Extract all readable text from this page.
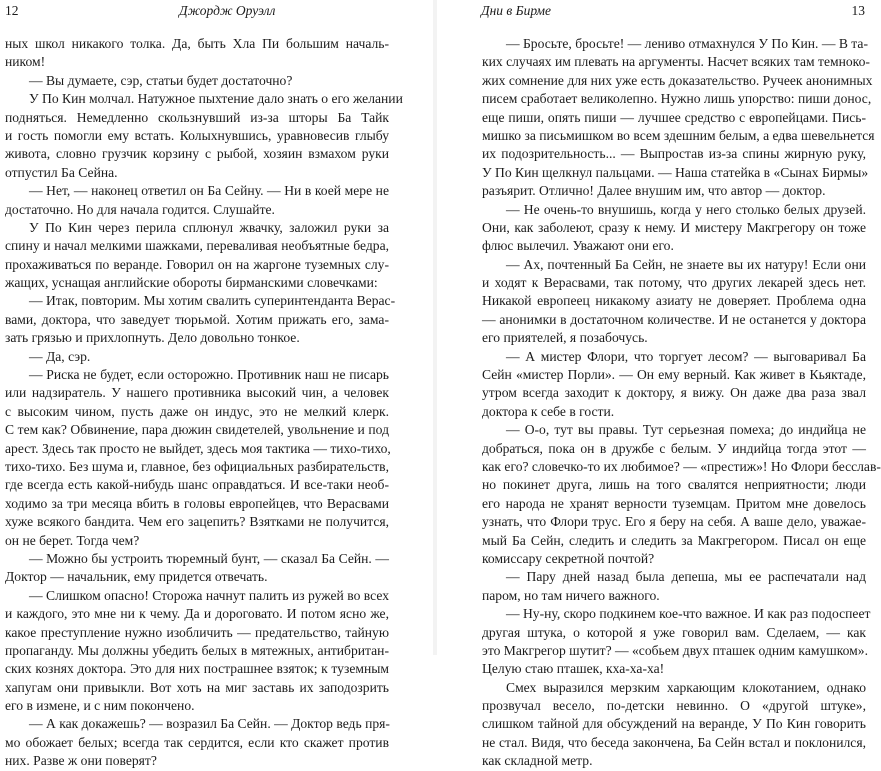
12	Джордж Оруэлл
ных школ никакого толка. Да, быть Хла Пи большим началь-
ником!
— Вы думаете, сэр, статьи будет достаточно?
У По Кин молчал. Натужное пыхтение дало знать о его желании
подняться. Немедленно скользнувший из-за шторы Ба Тайк
и гость помогли ему встать. Колыхнувшись, уравновесив глыбу
живота, словно грузчик корзину с рыбой, хозяин взмахом руки
отпустил Ба Сейна.
— Нет, — наконец ответил он Ба Сейну. — Ни в коей мере не
достаточно. Но для начала годится. Слушайте.
У По Кин через перила сплюнул жвачку, заложил руки за
спину и начал мелкими шажками, переваливая необъятные бедра,
прохаживаться по веранде. Говорил он на жаргоне туземных слу-
жащих, уснащая английские обороты бирманскими словечками:
— Итак, повторим. Мы хотим свалить суперинтенданта Верас-
вами, доктора, что заведует тюрьмой. Хотим прижать его, зама-
зать грязью и прихлопнуть. Дело довольно тонкое.
— Да, сэр.
— Риска не будет, если осторожно. Противник наш не писарь
или надзиратель. У нашего противника высокий чин, а человек
с высоким чином, пусть даже он индус, это не мелкий клерк.
С тем как? Обвинение, пара дюжин свидетелей, увольнение и под
арест. Здесь так просто не выйдет, здесь моя тактика — тихо-тихо,
тихо-тихо. Без шума и, главное, без официальных разбирательств,
где всегда есть какой-нибудь шанс оправдаться. И все-таки необ-
ходимо за три месяца вбить в головы европейцев, что Верасвами
хуже всякого бандита. Чем его зацепить? Взятками не получится,
он не берет. Тогда чем?
— Можно бы устроить тюремный бунт, — сказал Ба Сейн. —
Доктор — начальник, ему придется отвечать.
— Слишком опасно! Сторожа начнут палить из ружей во всех
и каждого, это мне ни к чему. Да и дороговато. И потом ясно же,
какое преступление нужно изобличить — предательство, тайную
пропаганду. Мы должны убедить белых в мятежных, антибритан-
ских кознях доктора. Это для них пострашнее взяток; к туземным
хапугам они привыкли. Вот хоть на миг заставь их заподозрить
его в измене, и с ним покончено.
— А как докажешь? — возразил Ба Сейн. — Доктор ведь пря-
мо обожает белых; всегда так сердится, если кто скажет против
них. Разве ж они поверят?
Дни в Бирме	13
— Бросьте, бросьте! — лениво отмахнулся У По Кин. — В та-
ких случаях им плевать на аргументы. Насчет всяких там темноко-
жих сомнение для них уже есть доказательство. Ручеек анонимных
писем сработает великолепно. Нужно лишь упорство: пиши донос,
еще пиши, опять пиши — лучшее средство с европейцами. Пись-
мишко за письмишком во всем здешним белым, а едва шевельнется
их подозрительность... — Выпростав из-за спины жирную руку,
У По Кин щелкнул пальцами. — Наша статейка в «Сынах Бирмы»
разъярит. Отлично! Далее внушим им, что автор — доктор.
— Не очень-то внушишь, когда у него столько белых друзей.
Они, как заболеют, сразу к нему. И мистеру Макгрегору он тоже
флюс вылечил. Уважают они его.
— Ах, почтенный Ба Сейн, не знаете вы их натуру! Если они
и ходят к Верасвами, так потому, что других лекарей здесь нет.
Никакой европеец никакому азиату не доверяет. Проблема одна
— анонимки в достаточном количестве. И не останется у доктора
его приятелей, я позабочусь.
— А мистер Флори, что торгует лесом? — выговаривал Ба
Сейн «мистер Порли». — Он ему верный. Как живет в Кьяктаде,
утром всегда заходит к доктору, я вижу. Он даже два раза звал
доктора к себе в гости.
— О-о, тут вы правы. Тут серьезная помеха; до индийца не
добраться, пока он в дружбе с белым. У индийца тогда этот —
как его? словечко-то их любимое? — «престиж»! Но Флори бесслав-
но покинет друга, лишь на того свалятся неприятности; люди
его народа не хранят верности туземцам. Притом мне довелось
узнать, что Флори трус. Его я беру на себя. А ваше дело, уважае-
мый Ба Сейн, следить и следить за Макгрегором. Писал он еще
комиссару секретной почтой?
— Пару дней назад была депеша, мы ее распечатали над
паром, но там ничего важного.
— Ну-ну, скоро подкинем кое-что важное. И как раз подоспеет
другая штука, о которой я уже говорил вам. Сделаем, — как
это Макгрегор шутит? — «собьем двух пташек одним камушком».
Целую стаю пташек, кха-ха-ха!
Смех выразился мерзким харкающим клокотанием, однако
прозвучал весело, по-детски невинно. О «другой штуке»,
слишком тайной для обсуждений на веранде, У По Кин говорить
не стал. Видя, что беседа закончена, Ба Сейн встал и поклонился,
как складной метр.
